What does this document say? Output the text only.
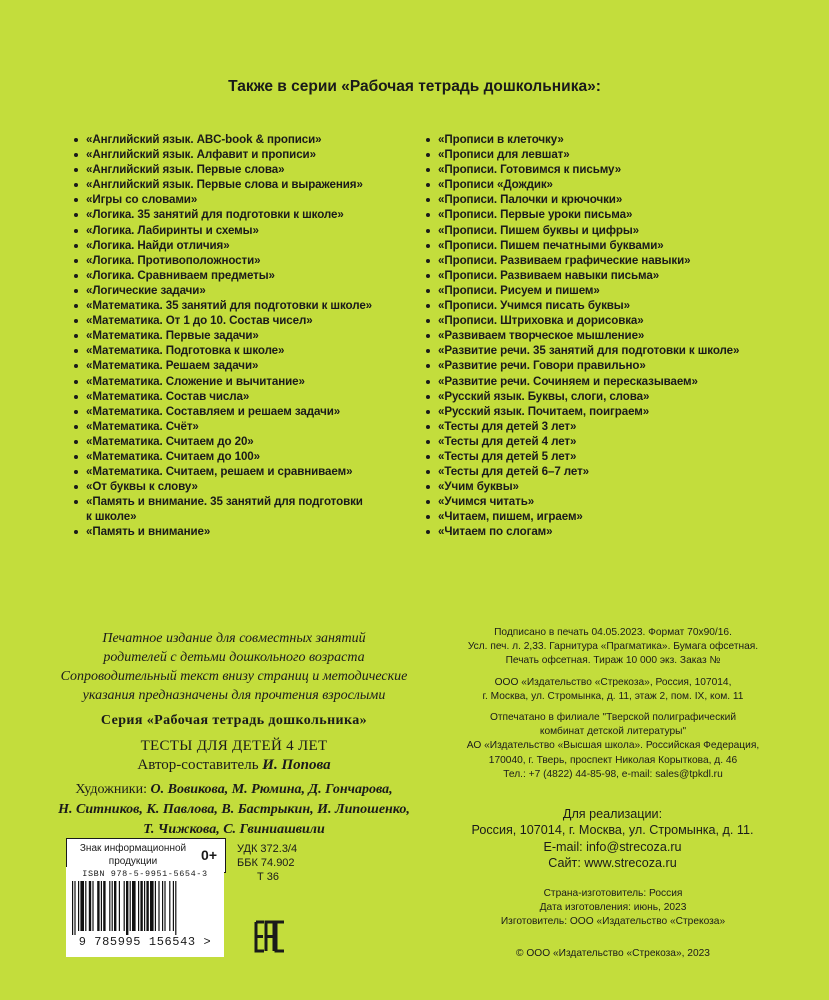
Также в серии «Рабочая тетрадь дошкольника»:
«Английский язык. ABC-book & прописи»
«Английский язык. Алфавит и прописи»
«Английский язык. Первые слова»
«Английский язык. Первые слова и выражения»
«Игры со словами»
«Логика. 35 занятий для подготовки к школе»
«Логика. Лабиринты и схемы»
«Логика. Найди отличия»
«Логика. Противоположности»
«Логика. Сравниваем предметы»
«Логические задачи»
«Математика. 35 занятий для подготовки к школе»
«Математика. От 1 до 10. Состав чисел»
«Математика. Первые задачи»
«Математика. Подготовка к школе»
«Математика. Решаем задачи»
«Математика. Сложение и вычитание»
«Математика. Состав числа»
«Математика. Составляем и решаем задачи»
«Математика. Счёт»
«Математика. Считаем до 20»
«Математика. Считаем до 100»
«Математика. Считаем, решаем и сравниваем»
«От буквы к слову»
«Память и внимание. 35 занятий для подготовки
к школе»
«Память и внимание»
«Прописи в клеточку»
«Прописи для левшат»
«Прописи. Готовимся к письму»
«Прописи «Дождик»
«Прописи. Палочки и крючочки»
«Прописи. Первые уроки письма»
«Прописи. Пишем буквы и цифры»
«Прописи. Пишем печатными буквами»
«Прописи. Развиваем графические навыки»
«Прописи. Развиваем навыки письма»
«Прописи. Рисуем и пишем»
«Прописи. Учимся писать буквы»
«Прописи. Штриховка и дорисовка»
«Развиваем творческое мышление»
«Развитие речи. 35 занятий для подготовки к школе»
«Развитие речи. Говори правильно»
«Развитие речи. Сочиняем и пересказываем»
«Русский язык. Буквы, слоги, слова»
«Русский язык. Почитаем, поиграем»
«Тесты для детей 3 лет»
«Тесты для детей 4 лет»
«Тесты для детей 5 лет»
«Тесты для детей 6–7 лет»
«Учим буквы»
«Учимся читать»
«Читаем, пишем, играем»
«Читаем по слогам»

Печатное издание для совместных занятий
родителей с детьми дошкольного возраста
Сопроводительный текст внизу страниц и методические
указания предназначены для прочтения взрослыми

Серия «Рабочая тетрадь дошкольника»
ТЕСТЫ ДЛЯ ДЕТЕЙ 4 ЛЕТ
Автор-составитель И. Попова
Художники: О. Вовикова, М. Рюмина, Д. Гончарова,
Н. Ситников, К. Павлова, В. Бастрыкин, И. Липошенко,
Т. Чижкова, С. Гвиниашвили
Знак информационной продукции	0+
ISBN 978-5-9951-5654-3
9 785995 156543 >
УДК 372.3/4
ББК 74.902
Т 36

Подписано в печать 04.05.2023. Формат 70х90/16.

Усл. печ. л. 2,33. Гарнитура «Прагматика». Бумага офсетная.

Печать офсетная. Тираж 10 000 экз. Заказ №

ООО «Издательство «Стрекоза», Россия, 107014,

г. Москва, ул. Стромынка, д. 11, этаж 2, пом. IX, ком. 11

Отпечатано в филиале "Тверской полиграфический

комбинат детской литературы"

АО «Издательство «Высшая школа». Российская Федерация,

170040, г. Тверь, проспект Николая Корыткова, д. 46

Тел.: +7 (4822) 44-85-98, e-mail: sales@tpkdl.ru

Для реализации:

Россия, 107014, г. Москва, ул. Стромынка, д. 11.

E-mail: info@strecoza.ru

Сайт: www.strecoza.ru

Страна-изготовитель: Россия

Дата изготовления: июнь, 2023

Изготовитель: ООО «Издательство «Стрекоза»

© ООО «Издательство «Стрекоза», 2023
